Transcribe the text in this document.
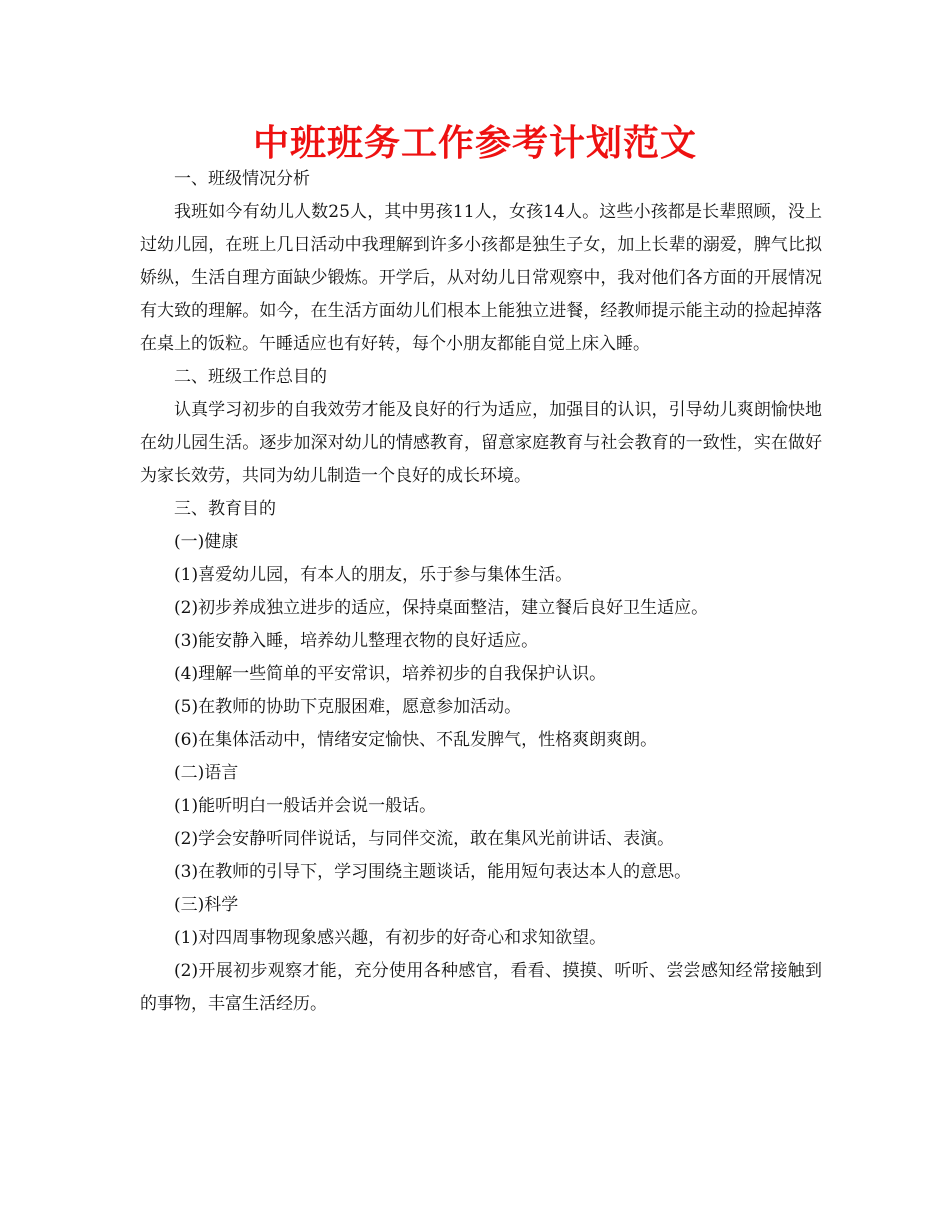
中班班务工作参考计划范文

一、班级情况分析

我班如今有幼儿人数25人，其中男孩11人，女孩14人。这些小孩都是长辈照顾，没上过幼儿园，在班上几日活动中我理解到许多小孩都是独生子女，加上长辈的溺爱，脾气比拟娇纵，生活自理方面缺少锻炼。开学后，从对幼儿日常观察中，我对他们各方面的开展情况有大致的理解。如今，在生活方面幼儿们根本上能独立进餐，经教师提示能主动的捡起掉落在桌上的饭粒。午睡适应也有好转，每个小朋友都能自觉上床入睡。

二、班级工作总目的

认真学习初步的自我效劳才能及良好的行为适应，加强目的认识，引导幼儿爽朗愉快地在幼儿园生活。逐步加深对幼儿的情感教育，留意家庭教育与社会教育的一致性，实在做好为家长效劳，共同为幼儿制造一个良好的成长环境。

三、教育目的

(一)健康

(1)喜爱幼儿园，有本人的朋友，乐于参与集体生活。

(2)初步养成独立进步的适应，保持桌面整洁，建立餐后良好卫生适应。

(3)能安静入睡，培养幼儿整理衣物的良好适应。

(4)理解一些简单的平安常识，培养初步的自我保护认识。

(5)在教师的协助下克服困难，愿意参加活动。

(6)在集体活动中，情绪安定愉快、不乱发脾气，性格爽朗爽朗。

(二)语言

(1)能听明白一般话并会说一般话。

(2)学会安静听同伴说话，与同伴交流，敢在集风光前讲话、表演。

(3)在教师的引导下，学习围绕主题谈话，能用短句表达本人的意思。

(三)科学

(1)对四周事物现象感兴趣，有初步的好奇心和求知欲望。

(2)开展初步观察才能，充分使用各种感官，看看、摸摸、听听、尝尝感知经常接触到的事物，丰富生活经历。
